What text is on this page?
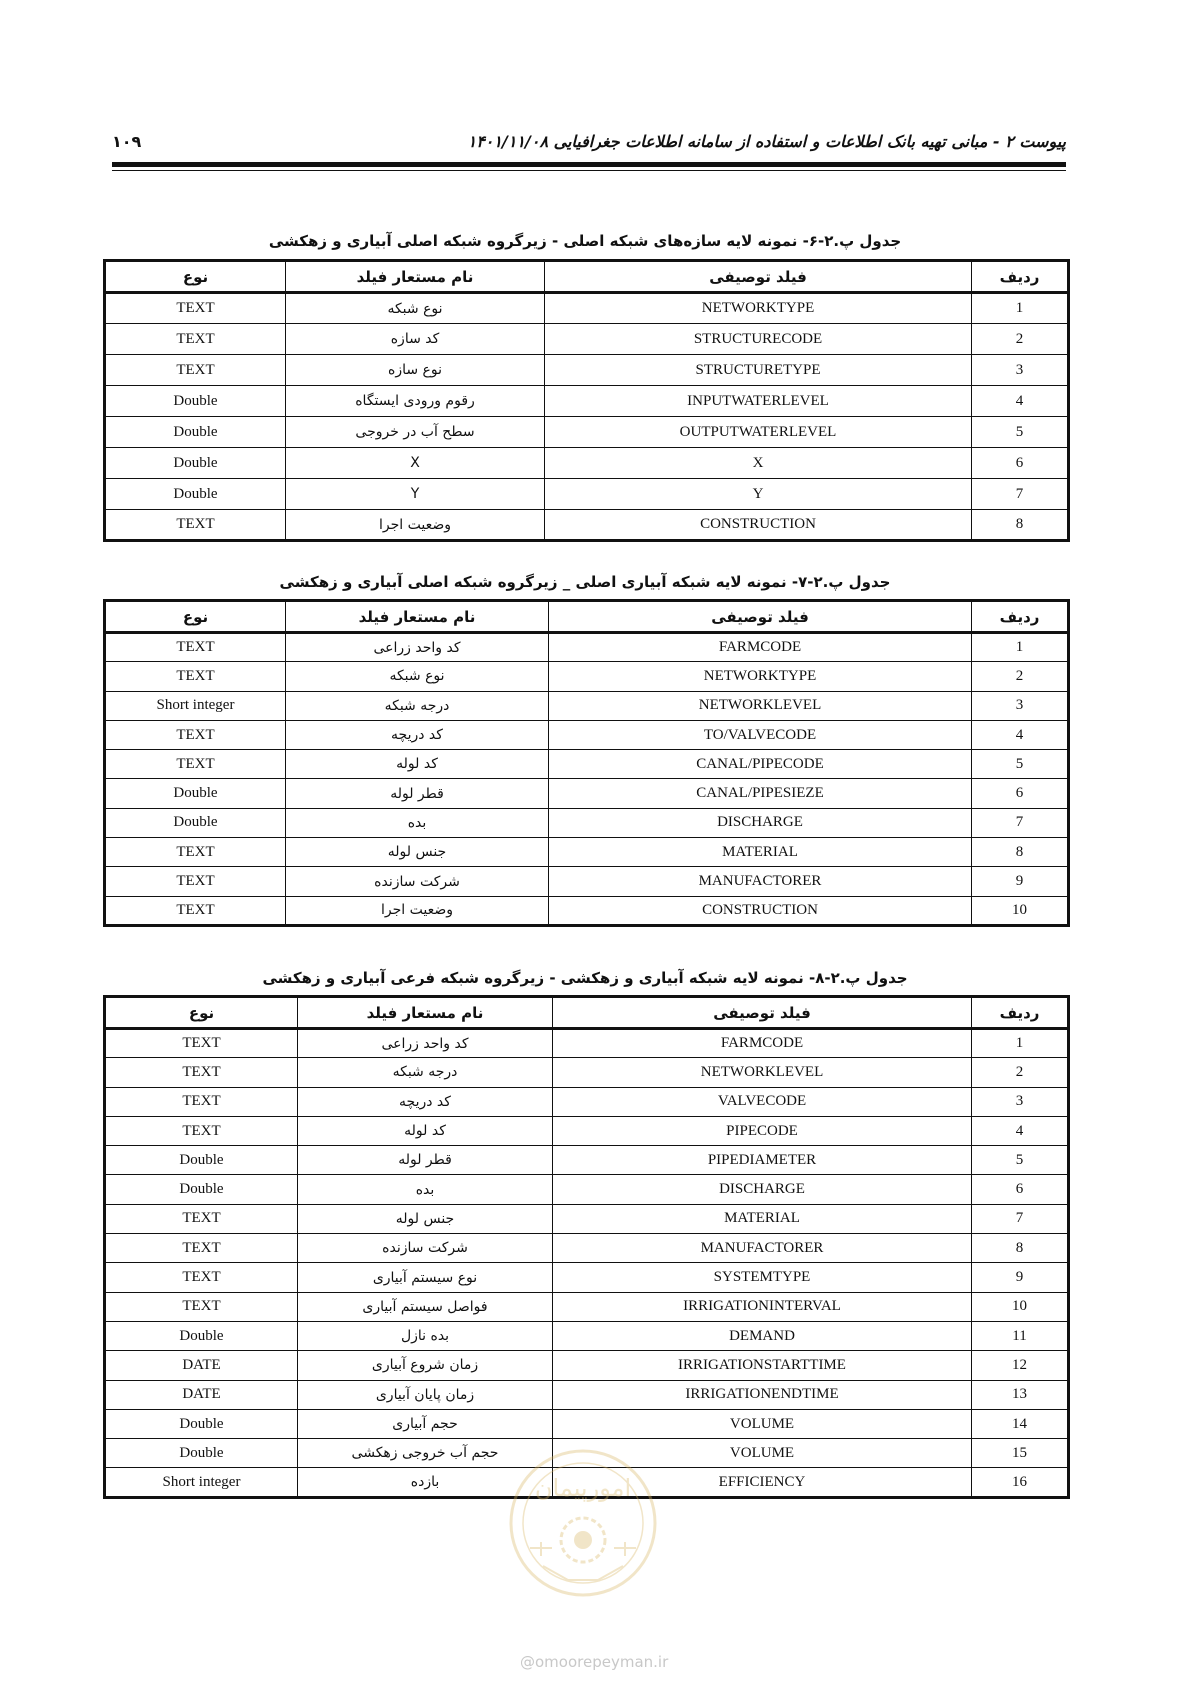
پیوست ۲ - مبانی تهیه بانک اطلاعات و استفاده از سامانه اطلاعات جغرافیایی ۱۴۰۱/۱۱/۰۸
۱۰۹
جدول پ.۲-۶- نمونه لایه سازه‌های شبکه اصلی - زیرگروه شبکه اصلی آبیاری و زهکشی
ردیف	فیلد توصیفی	نام مستعار فیلد	نوع
1	NETWORKTYPE	نوع شبکه	TEXT
2	STRUCTURECODE	کد سازه	TEXT
3	STRUCTURETYPE	نوع سازه	TEXT
4	INPUTWATERLEVEL	رقوم ورودی ایستگاه	Double
5	OUTPUTWATERLEVEL	سطح آب در خروجی	Double
6	X	X	Double
7	Y	Y	Double
8	CONSTRUCTION	وضعیت اجرا	TEXT
جدول پ.۲-۷- نمونه لایه شبکه آبیاری اصلی _ زیرگروه شبکه اصلی آبیاری و زهکشی
ردیف	فیلد توصیفی	نام مستعار فیلد	نوع
1	FARMCODE	کد واحد زراعی	TEXT
2	NETWORKTYPE	نوع شبکه	TEXT
3	NETWORKLEVEL	درجه شبکه	Short integer
4	TO/VALVECODE	کد دریچه	TEXT
5	CANAL/PIPECODE	کد لوله	TEXT
6	CANAL/PIPESIEZE	قطر لوله	Double
7	DISCHARGE	بده	Double
8	MATERIAL	جنس لوله	TEXT
9	MANUFACTORER	شرکت سازنده	TEXT
10	CONSTRUCTION	وضعیت اجرا	TEXT
جدول پ.۲-۸- نمونه لایه شبکه آبیاری و زهکشی - زیرگروه شبکه فرعی آبیاری و زهکشی
ردیف	فیلد توصیفی	نام مستعار فیلد	نوع
1	FARMCODE	کد واحد زراعی	TEXT
2	NETWORKLEVEL	درجه شبکه	TEXT
3	VALVECODE	کد دریچه	TEXT
4	PIPECODE	کد لوله	TEXT
5	PIPEDIAMETER	قطر لوله	Double
6	DISCHARGE	بده	Double
7	MATERIAL	جنس لوله	TEXT
8	MANUFACTORER	شرکت سازنده	TEXT
9	SYSTEMTYPE	نوع سیستم آبیاری	TEXT
10	IRRIGATIONINTERVAL	فواصل سیستم آبیاری	TEXT
11	DEMAND	بده نازل	Double
12	IRRIGATIONSTARTTIME	زمان شروع آبیاری	DATE
13	IRRIGATIONENDTIME	زمان پایان آبیاری	DATE
14	VOLUME	حجم آبیاری	Double
15	VOLUME	حجم آب خروجی زهکشی	Double
16	EFFICIENCY	بازده	Short integer	امورپیمان
@omoorepeyman.ir
